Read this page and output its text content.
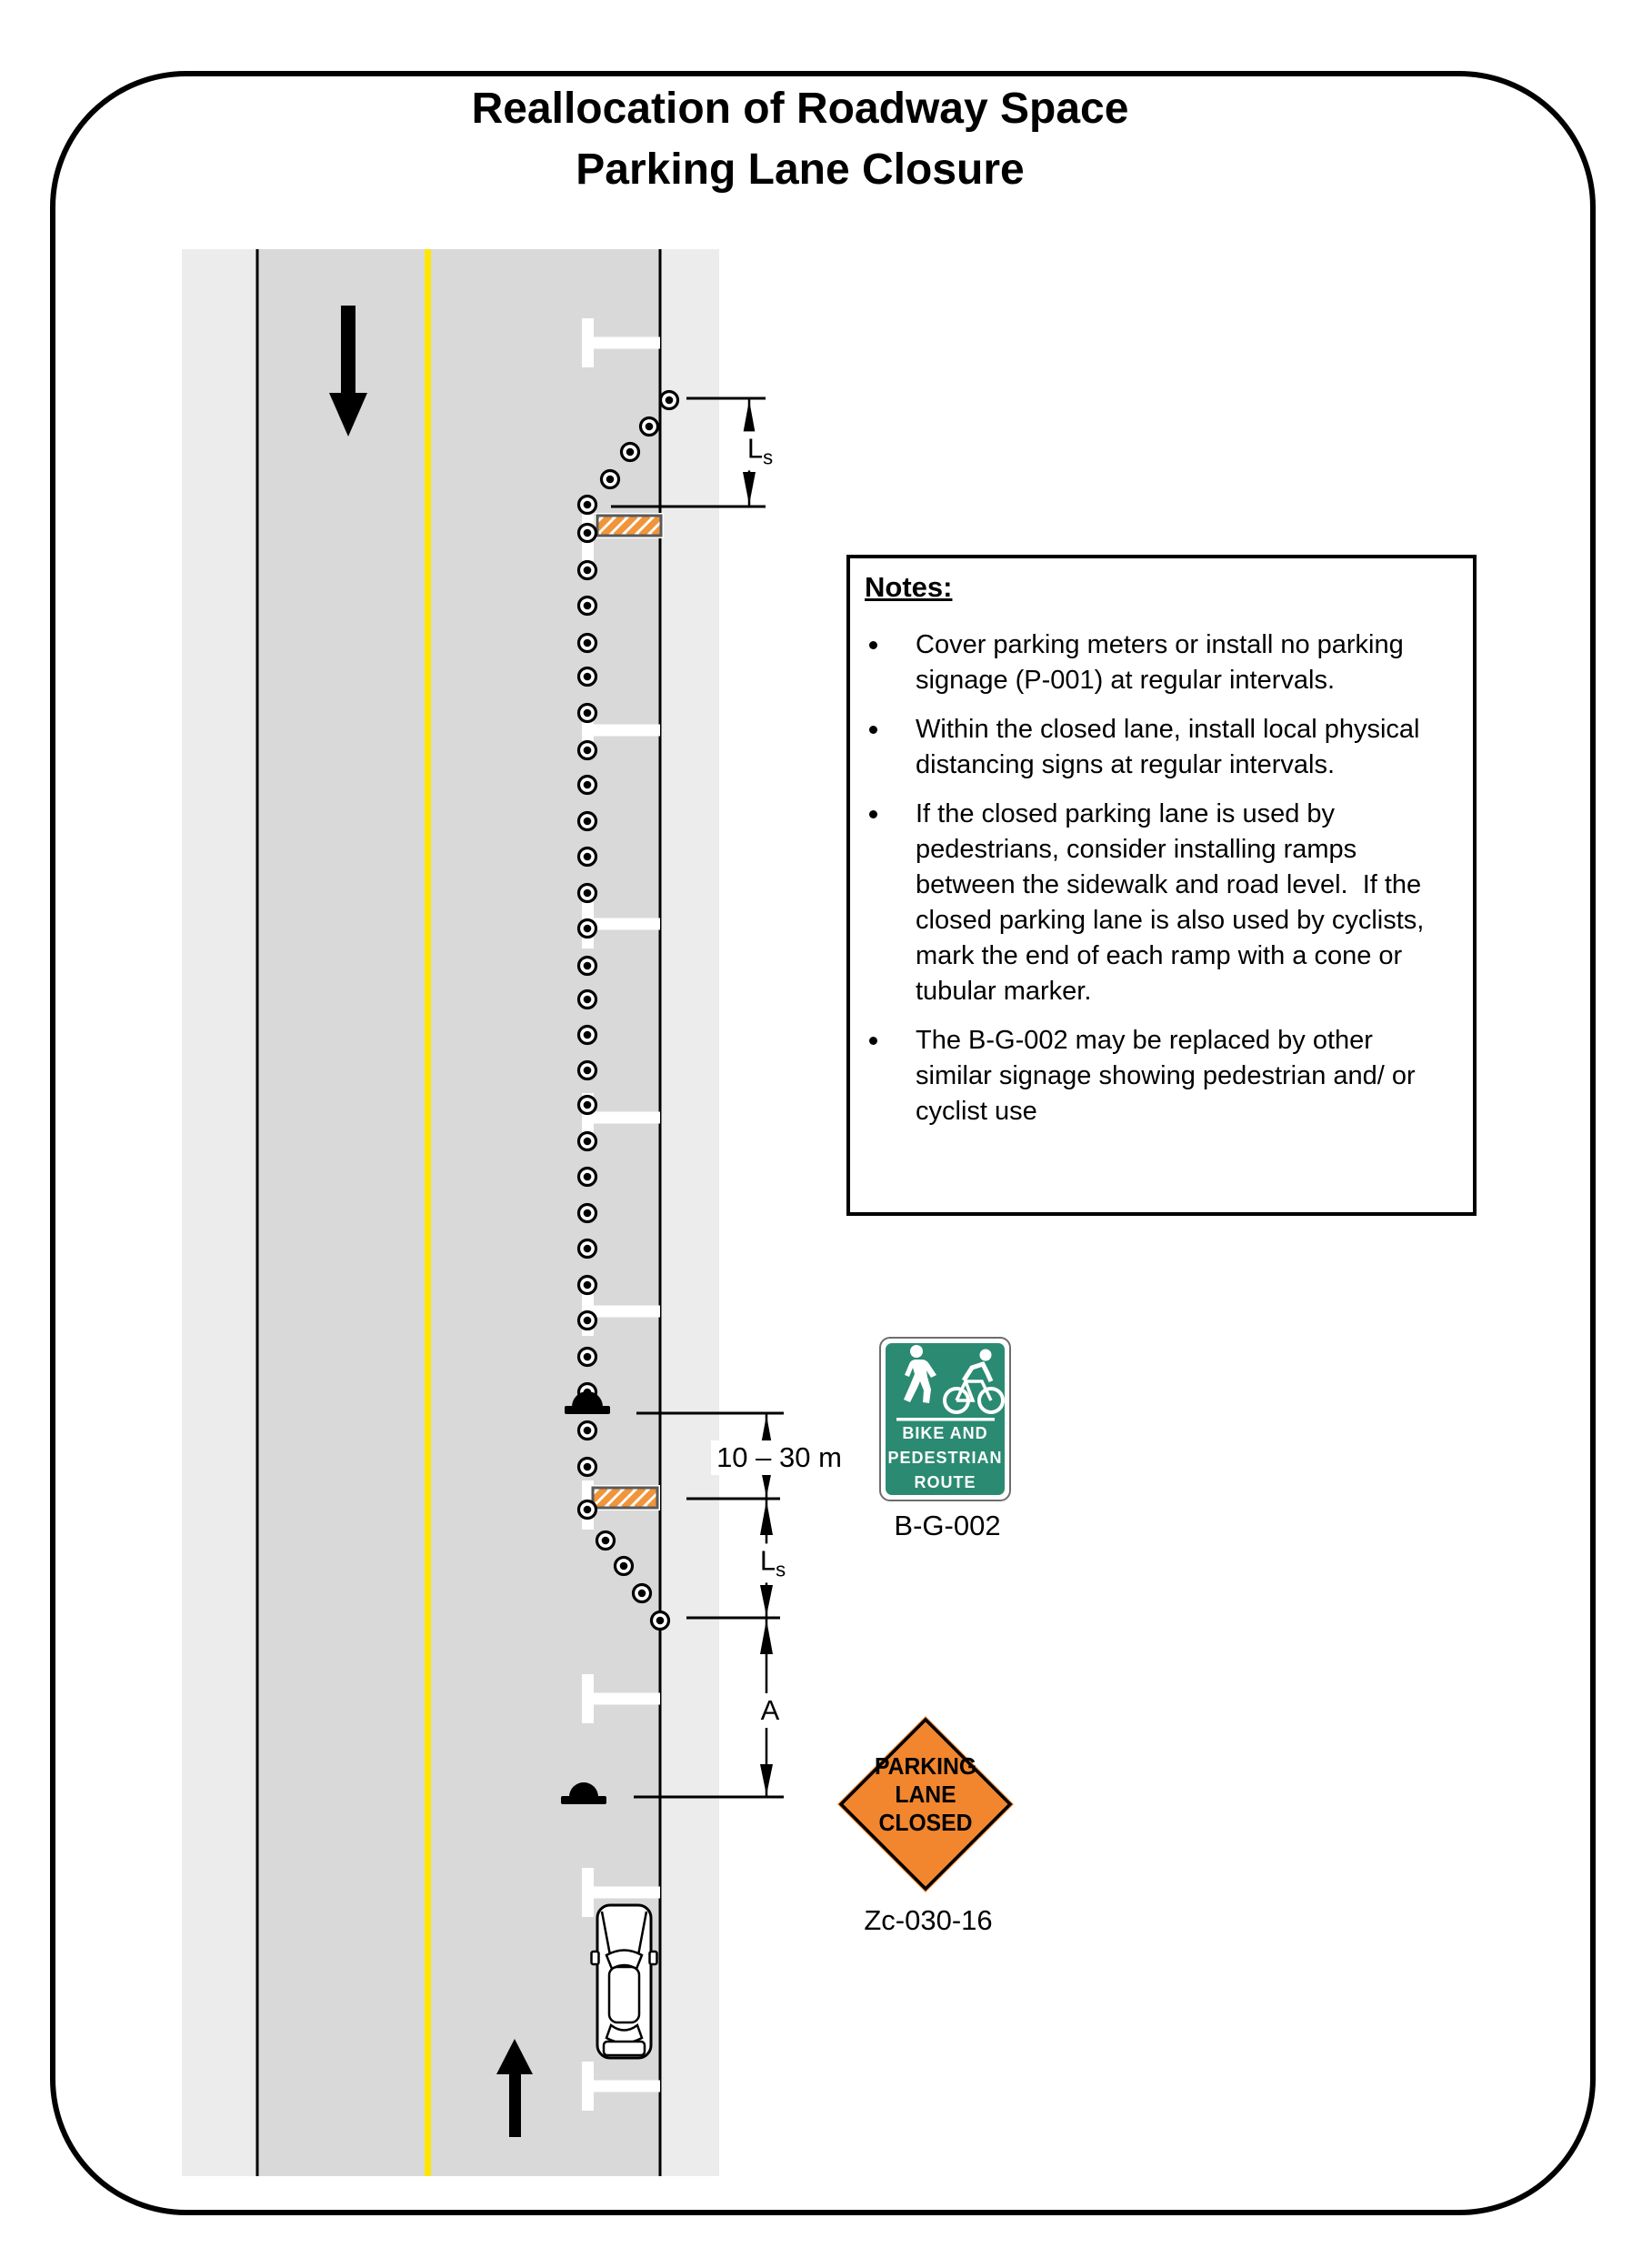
Reallocation of Roadway Space
Parking Lane Closure
$L_s$
10 – 30 m
$L_s$
A
Notes:
Cover parking meters or install no parking signage (P-001) at regular intervals.
Within the closed lane, install local physical distancing signs at regular intervals.
If the closed parking lane is used by pedestrians, consider installing ramps between the sidewalk and road level.  If the closed parking lane is also used by cyclists, mark the end of each ramp with a cone or tubular marker.
The B-G-002 may be replaced by other similar signage showing pedestrian and/ or cyclist use
BIKE AND
PEDESTRIAN
ROUTE
B-G-002
PARKING
LANE
CLOSED
Zc-030-16
